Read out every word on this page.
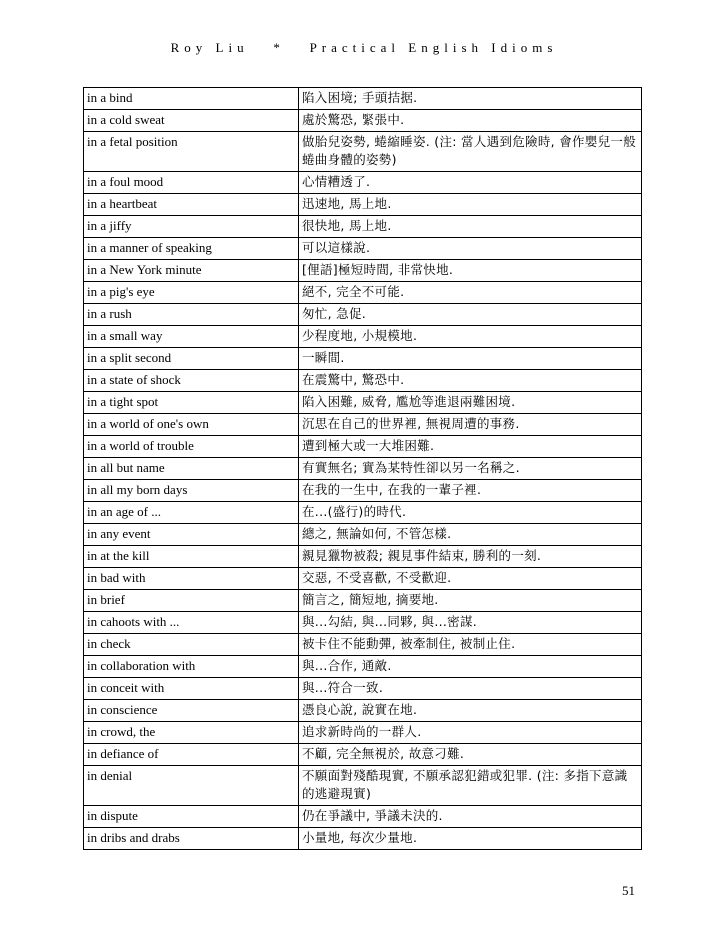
Roy Liu   *   Practical English Idioms
in a bind	陷入困境; 手頭拮据.
in a cold sweat	處於驚恐, 緊張中.
in a fetal position	做胎兒姿勢, 蜷縮睡姿. (注: 當人遇到危險時, 會作嬰兒一般蜷曲身體的姿勢)
in a foul mood	心情糟透了.
in a heartbeat	迅速地, 馬上地.
in a jiffy	很快地, 馬上地.
in a manner of speaking	可以這樣說.
in a New York minute	[俚語]極短時間, 非常快地.
in a pig's eye	絕不, 完全不可能.
in a rush	匆忙, 急促.
in a small way	少程度地, 小規模地.
in a split second	一瞬間.
in a state of shock	在震驚中, 驚恐中.
in a tight spot	陷入困難, 威脅, 尷尬等進退兩難困境.
in a world of one's own	沉思在自己的世界裡, 無視周遭的事務.
in a world of trouble	遭到極大或一大堆困難.
in all but name	有實無名; 實為某特性卻以另一名稱之.
in all my born days	在我的一生中, 在我的一輩子裡.
in an age of ...	在...(盛行)的時代.
in any event	總之, 無論如何, 不管怎樣.
in at the kill	親見獵物被殺; 親見事件結束, 勝利的一刻.
in bad with	交惡, 不受喜歡, 不受歡迎.
in brief	簡言之, 簡短地, 摘要地.
in cahoots with ...	與...勾結, 與...同夥, 與...密謀.
in check	被卡住不能動彈, 被牽制住, 被制止住.
in collaboration with	與...合作, 通敵.
in conceit with	與...符合一致.
in conscience	憑良心說, 說實在地.
in crowd, the	追求新時尚的一群人.
in defiance of	不顧, 完全無視於, 故意刁難.
in denial	不願面對殘酷現實, 不願承認犯錯或犯罪. (注: 多指下意識的逃避現實)
in dispute	仍在爭議中, 爭議未決的.
in dribs and drabs	小量地, 每次少量地.
51
